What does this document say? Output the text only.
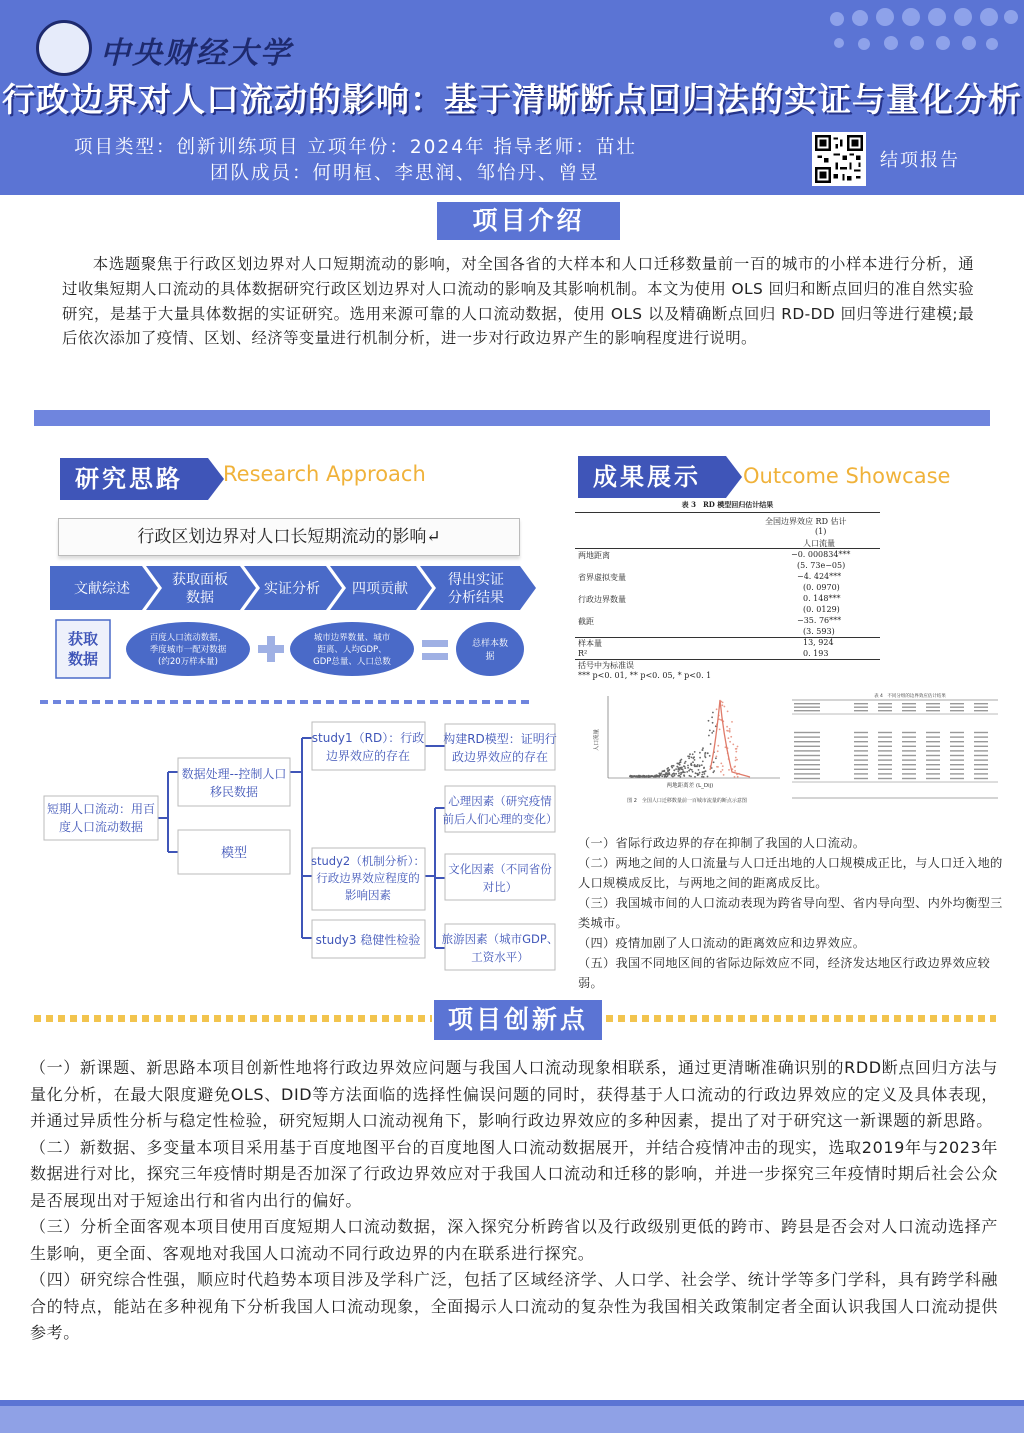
中央财经大学
行政边界对人口流动的影响：基于清晰断点回归法的实证与量化分析
项目类型：创新训练项目 立项年份：2024年 指导老师：苗壮
团队成员：何明桓、李思润、邹怡丹、曾昱
结项报告
项目介绍
本选题聚焦于行政区划边界对人口短期流动的影响，对全国各省的大样本和人口迁移数量前一百的城市的小样本进行分析，通过收集短期人口流动的具体数据研究行政区划边界对人口流动的影响及其影响机制。本文为使用 OLS 回归和断点回归的准自然实验研究，是基于大量具体数据的实证研究。选用来源可靠的人口流动数据，使用 OLS 以及精确断点回归 RD-DD 回归等进行建模;最后依次添加了疫情、区划、经济等变量进行机制分析，进一步对行政边界产生的影响程度进行说明。
研究思路	Research Approach
行政区划边界对人口长短期流动的影响↵
文献综述
获取面板
数据
实证分析 四项贡献
得出实证
分析结果
获取
数据
百度人口流动数据，
季度城市一配对数据
(约20万样本量)
城市边界数量、城市
距离、人均GDP、
GDP总量、人口总数
总样本数
据
短期人口流动：用百
度人口流动数据
数据处理--控制人口
移民数据
模型
study1（RD）：行政
边界效应的存在
构建RD模型：证明行
政边界效应的存在
study2（机制分析）：
行政边界效应程度的
影响因素
心理因素（研究疫情
前后人们心理的变化）
文化因素（不同省份
对比）
旅游因素（城市GDP、
工资水平）
study3 稳健性检验
成果展示	Outcome Showcase
表 3　RD 模型回归估计结果
全国边界效应 RD 估计
(1)
人口流量
两地距离	−0. 000834***
(5. 73e−05)
省界虚拟变量	−4. 424***
(0. 0970)
行政边界数量	0. 148***
(0. 0129)
截距	−35. 76***
(3. 593)
样本量	13, 924
R²	0. 193
括号中为标准误
*** p<0. 01, ** p<0. 05, * p<0. 1
两地距离差 (L_Dij)
人口流量
图 2　全国人口迁移数量前一百城市流量的断点示意图
表 4　不同分组的边界效应估计结果
（一）省际行政边界的存在抑制了我国的人口流动。
（二）两地之间的人口流量与人口迁出地的人口规模成正比，与人口迁入地的人口规模成反比，与两地之间的距离成反比。
（三）我国城市间的人口流动表现为跨省导向型、省内导向型、内外均衡型三类城市。
（四）疫情加剧了人口流动的距离效应和边界效应。
（五）我国不同地区间的省际边际效应不同，经济发达地区行政边界效应较弱。
项目创新点

（一）新课题、新思路本项目创新性地将行政边界效应问题与我国人口流动现象相联系，通过更清晰准确识别的RDD断点回归方法与量化分析，在最大限度避免OLS、DID等方法面临的选择性偏误问题的同时，获得基于人口流动的行政边界效应的定义及具体表现，并通过异质性分析与稳定性检验，研究短期人口流动视角下，影响行政边界效应的多种因素，提出了对于研究这一新课题的新思路。

（二）新数据、多变量本项目采用基于百度地图平台的百度地图人口流动数据展开，并结合疫情冲击的现实，选取2019年与2023年数据进行对比，探究三年疫情时期是否加深了行政边界效应对于我国人口流动和迁移的影响，并进一步探究三年疫情时期后社会公众是否展现出对于短途出行和省内出行的偏好。

（三）分析全面客观本项目使用百度短期人口流动数据，深入探究分析跨省以及行政级别更低的跨市、跨县是否会对人口流动选择产生影响，更全面、客观地对我国人口流动不同行政边界的内在联系进行探究。

（四）研究综合性强，顺应时代趋势本项目涉及学科广泛，包括了区域经济学、人口学、社会学、统计学等多门学科，具有跨学科融合的特点，能站在多种视角下分析我国人口流动现象，全面揭示人口流动的复杂性为我国相关政策制定者全面认识我国人口流动提供参考。
